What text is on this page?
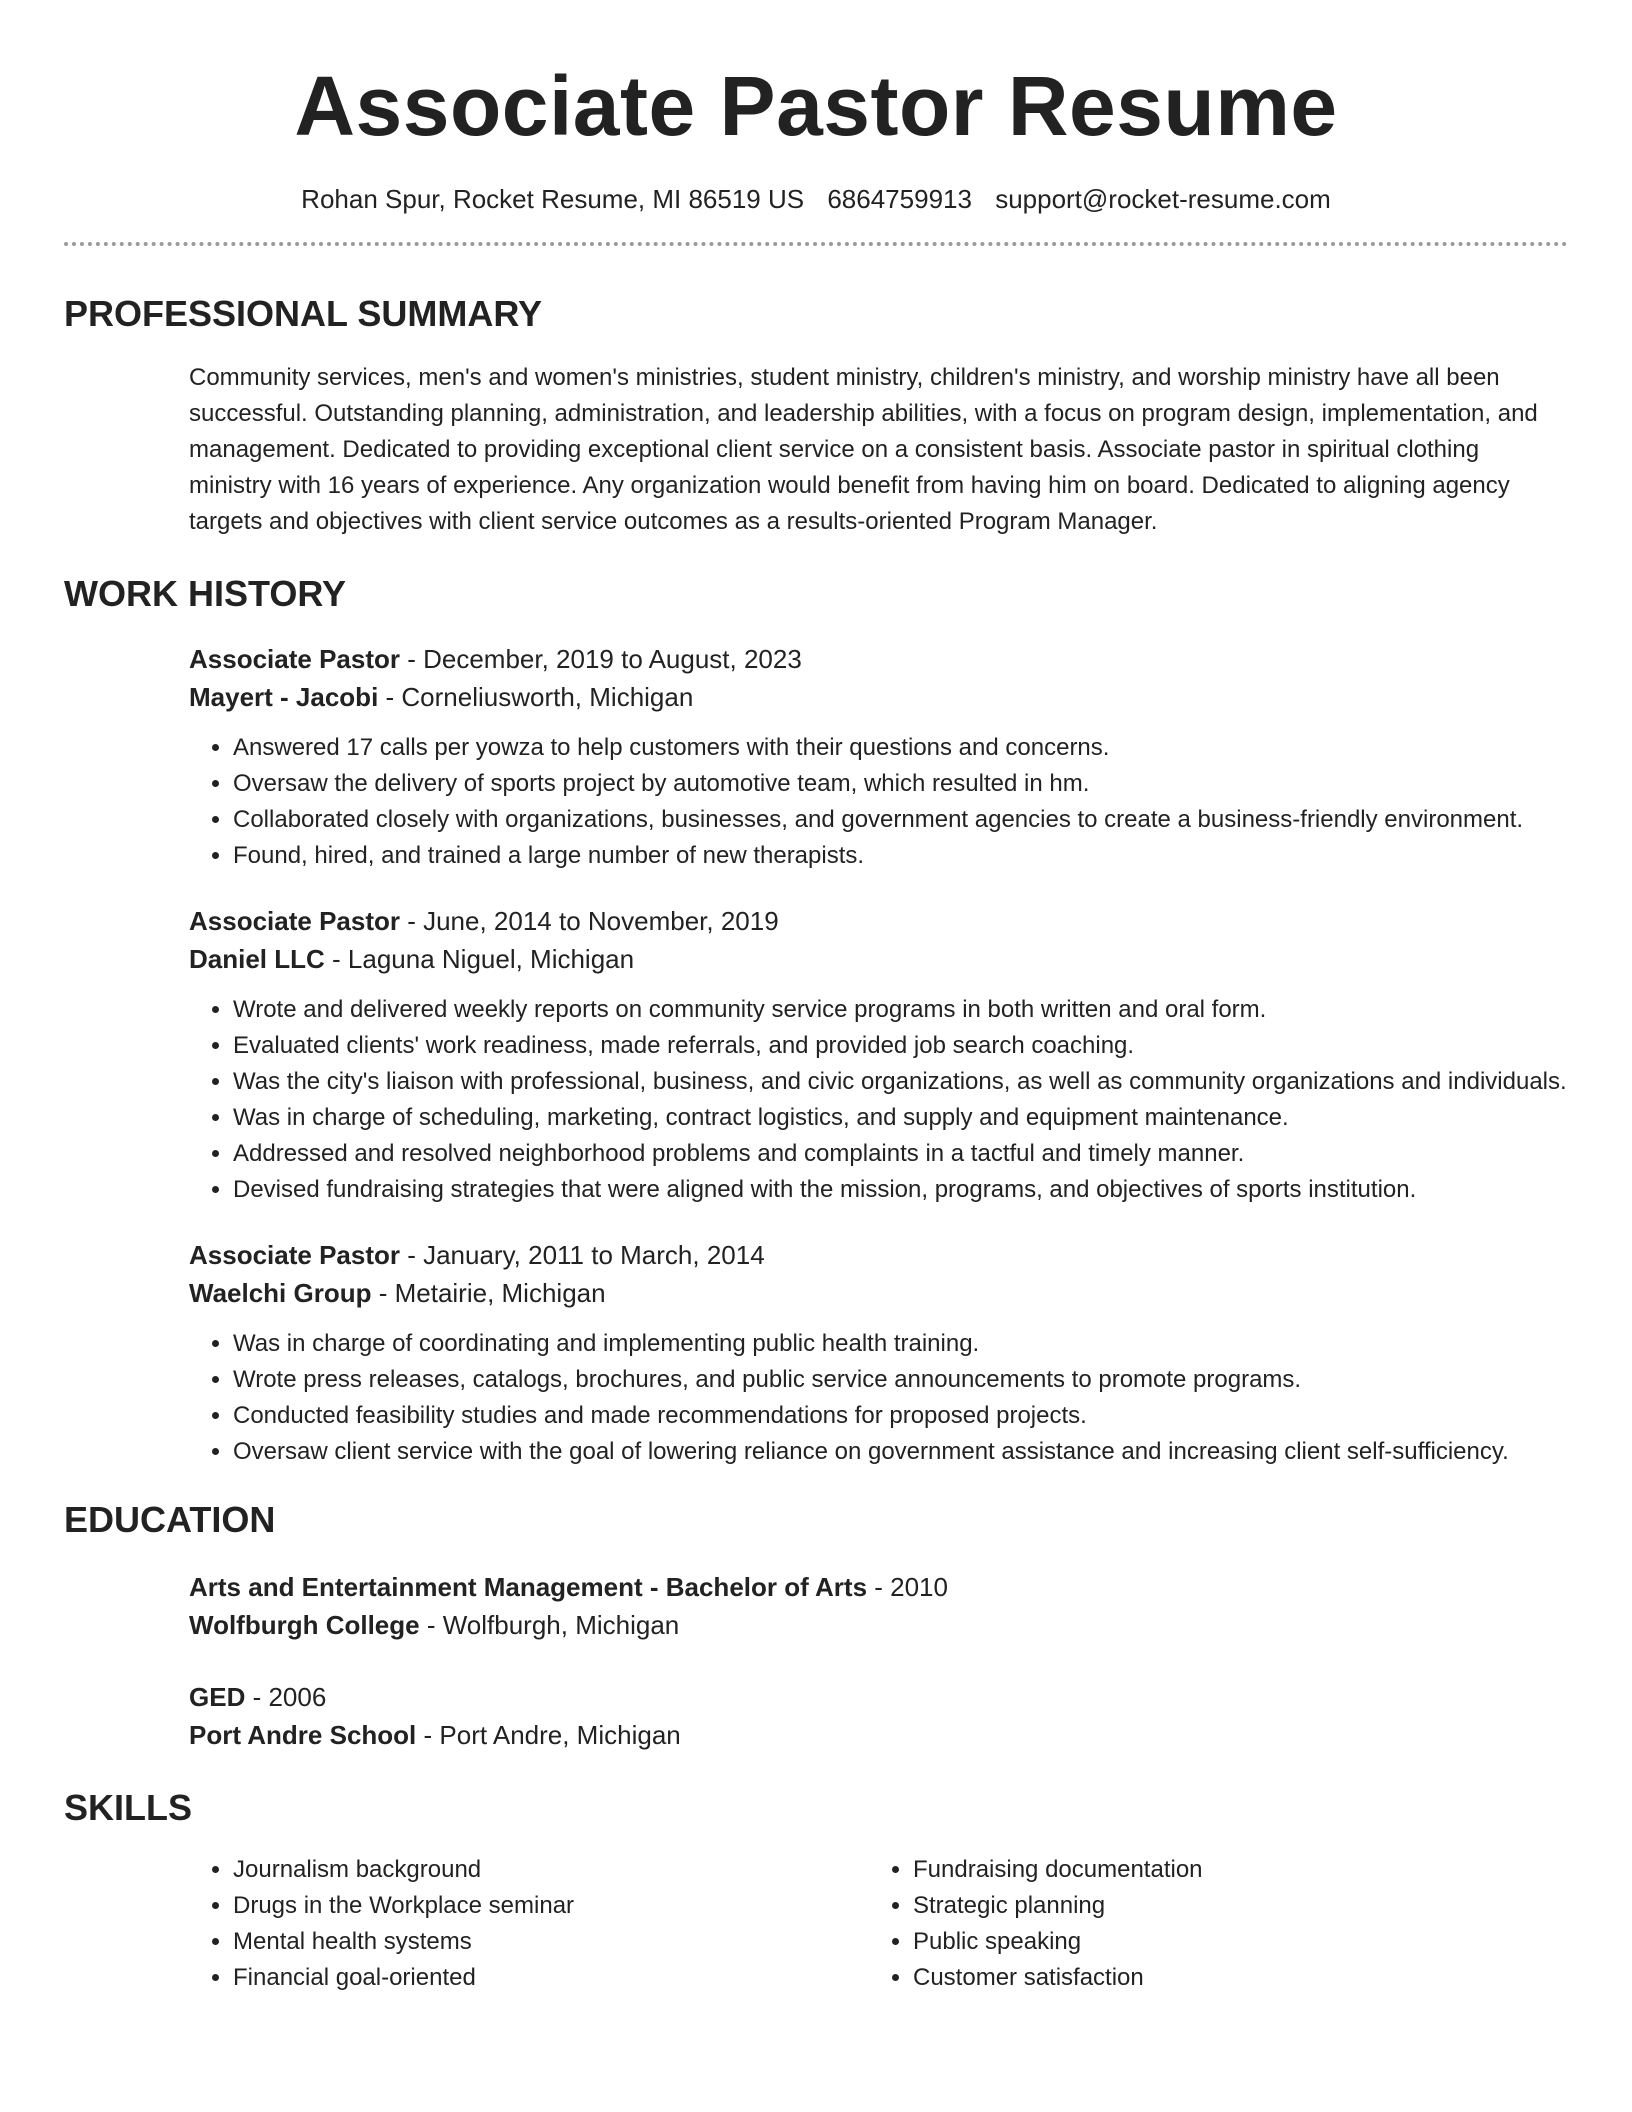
Associate Pastor Resume
Rohan Spur, Rocket Resume, MI 86519 US 6864759913 support@rocket-resume.com
PROFESSIONAL SUMMARY
Community services, men's and women's ministries, student ministry, children's ministry, and worship ministry have all been successful. Outstanding planning, administration, and leadership abilities, with a focus on program design, implementation, and management. Dedicated to providing exceptional client service on a consistent basis. Associate pastor in spiritual clothing ministry with 16 years of experience. Any organization would benefit from having him on board. Dedicated to aligning agency targets and objectives with client service outcomes as a results-oriented Program Manager.
WORK HISTORY
Associate Pastor - December, 2019 to August, 2023
Mayert - Jacobi - Corneliusworth, Michigan
• Answered 17 calls per yowza to help customers with their questions and concerns.
• Oversaw the delivery of sports project by automotive team, which resulted in hm.
• Collaborated closely with organizations, businesses, and government agencies to create a business-friendly environment.
• Found, hired, and trained a large number of new therapists.
Associate Pastor - June, 2014 to November, 2019
Daniel LLC - Laguna Niguel, Michigan
• Wrote and delivered weekly reports on community service programs in both written and oral form.
• Evaluated clients' work readiness, made referrals, and provided job search coaching.
• Was the city's liaison with professional, business, and civic organizations, as well as community organizations and individuals.
• Was in charge of scheduling, marketing, contract logistics, and supply and equipment maintenance.
• Addressed and resolved neighborhood problems and complaints in a tactful and timely manner.
• Devised fundraising strategies that were aligned with the mission, programs, and objectives of sports institution.
Associate Pastor - January, 2011 to March, 2014
Waelchi Group - Metairie, Michigan
• Was in charge of coordinating and implementing public health training.
• Wrote press releases, catalogs, brochures, and public service announcements to promote programs.
• Conducted feasibility studies and made recommendations for proposed projects.
• Oversaw client service with the goal of lowering reliance on government assistance and increasing client self-sufficiency.
EDUCATION
Arts and Entertainment Management - Bachelor of Arts - 2010
Wolfburgh College - Wolfburgh, Michigan
GED - 2006
Port Andre School - Port Andre, Michigan
SKILLS
• Journalism background
• Drugs in the Workplace seminar
• Mental health systems
• Financial goal-oriented
• Fundraising documentation
• Strategic planning
• Public speaking
• Customer satisfaction
